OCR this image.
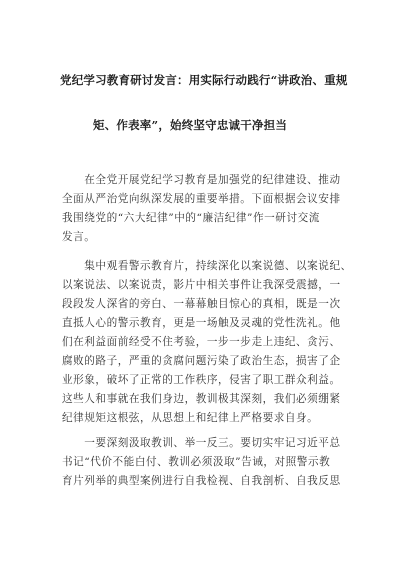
党纪学习教育研讨发言：用实际行动践行“讲政治、重规
矩、作表率”，始终坚守忠诚干净担当
　　在全党开展党纪学习教育是加强党的纪律建设、推动
全面从严治党向纵深发展的重要举措。下面根据会议安排
我围绕党的“六大纪律”中的“廉洁纪律”作一研讨交流
发言。
　　集中观看警示教育片，持续深化以案说德、以案说纪、
以案说法、以案说责，影片中相关事件让我深受震撼，一
段段发人深省的旁白、一幕幕触目惊心的真相，既是一次
直抵人心的警示教育，更是一场触及灵魂的党性洗礼。他
们在利益面前经受不住考验，一步一步走上违纪、贪污、
腐败的路子，严重的贪腐问题污染了政治生态，损害了企
业形象，破坏了正常的工作秩序，侵害了职工群众利益。
这些人和事就在我们身边，教训极其深刻，我们必须绷紧
纪律规矩这根弦，从思想上和纪律上严格要求自身。
　　一要深刻汲取教训、举一反三。要切实牢记习近平总
书记“代价不能白付、教训必须汲取”告诫，对照警示教
育片列举的典型案例进行自我检视、自我剖析、自我反思
